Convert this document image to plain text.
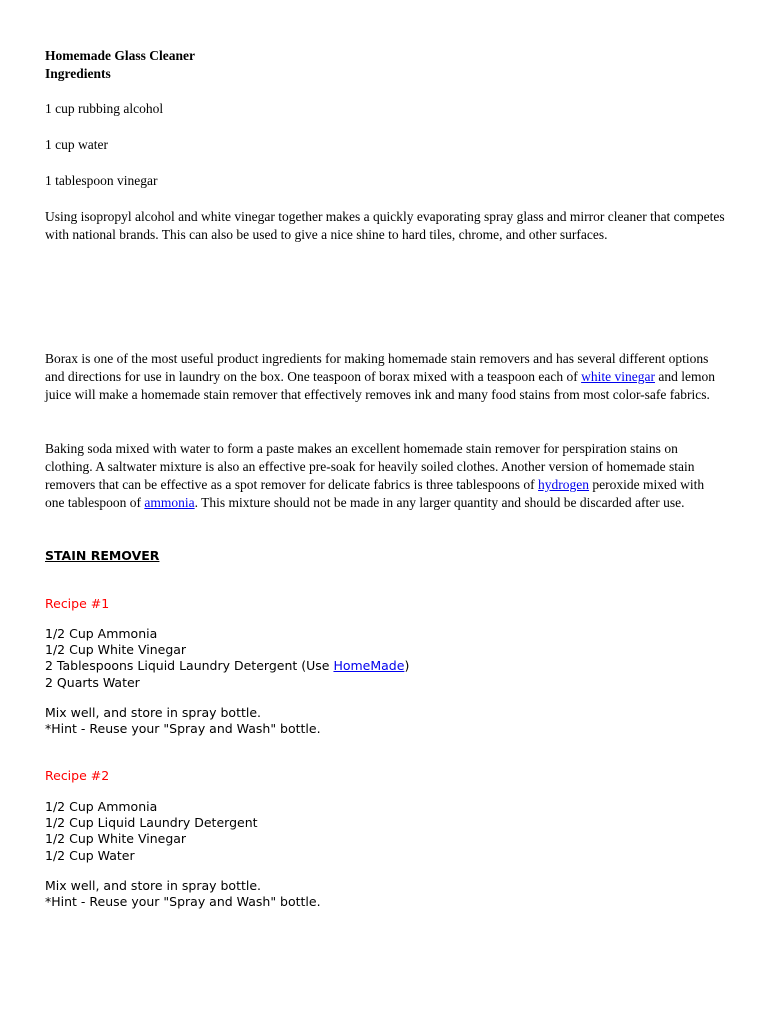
Homemade Glass Cleaner
Ingredients
1 cup rubbing alcohol
1 cup water
1 tablespoon vinegar

Using isopropyl alcohol and white vinegar together makes a quickly evaporating spray glass and mirror cleaner that competes with national brands. This can also be used to give a nice shine to hard tiles, chrome, and other surfaces.

Borax is one of the most useful product ingredients for making homemade stain removers and has several different options and directions for use in laundry on the box. One teaspoon of borax mixed with a teaspoon each of white vinegar and lemon juice will make a homemade stain remover that effectively removes ink and many food stains from most color-safe fabrics.

Baking soda mixed with water to form a paste makes an excellent homemade stain remover for perspiration stains on clothing. A saltwater mixture is also an effective pre-soak for heavily soiled clothes. Another version of homemade stain removers that can be effective as a spot remover for delicate fabrics is three tablespoons of hydrogen peroxide mixed with one tablespoon of ammonia. This mixture should not be made in any larger quantity and should be discarded after use.

STAIN REMOVER
Recipe #1
1/2 Cup Ammonia
1/2 Cup White Vinegar
2 Tablespoons Liquid Laundry Detergent (Use HomeMade)
2 Quarts Water
Mix well, and store in spray bottle.
*Hint - Reuse your "Spray and Wash" bottle.
Recipe #2
1/2 Cup Ammonia
1/2 Cup Liquid Laundry Detergent
1/2 Cup White Vinegar
1/2 Cup Water
Mix well, and store in spray bottle.
*Hint - Reuse your "Spray and Wash" bottle.
